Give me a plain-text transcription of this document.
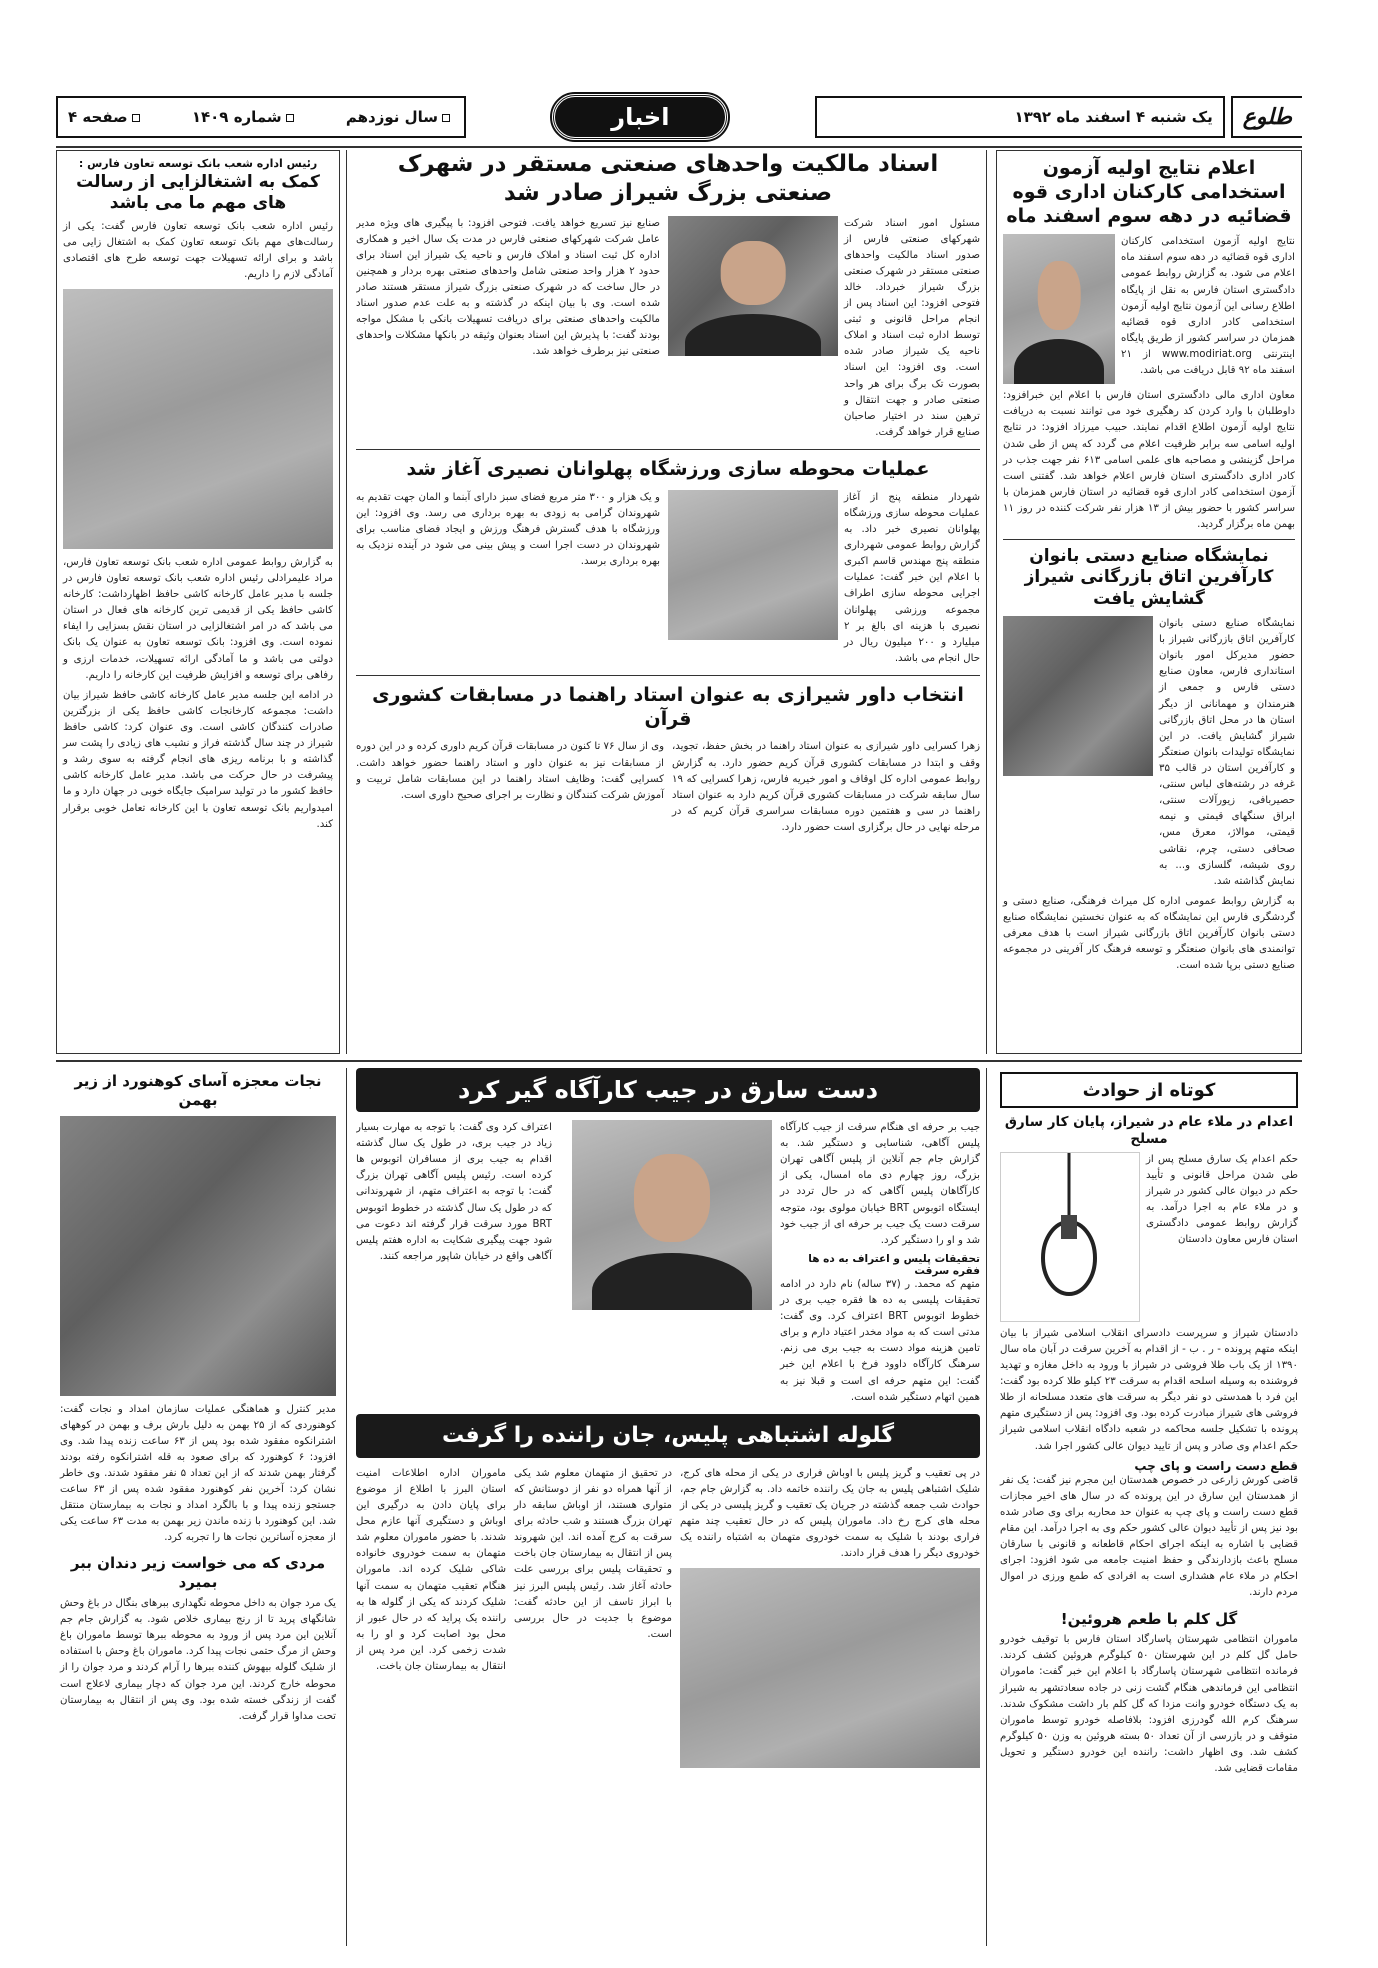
طلوع
یک شنبه ۴ اسفند ماه ۱۳۹۲
اخبار
سال نوزدهم
شماره ۱۴۰۹
صفحه ۴
اعلام نتایج اولیه آزمون استخدامی کارکنان اداری قوه قضائیه در دهه سوم اسفند ماه
نتایج اولیه آزمون استخدامی کارکنان اداری قوه قضائیه در دهه سوم اسفند ماه اعلام می شود. به گزارش روابط عمومی دادگستری استان فارس به نقل از پایگاه اطلاع رسانی این آزمون نتایج اولیه آزمون استخدامی کادر اداری قوه قضائیه همزمان در سراسر کشور از طریق پایگاه اینترنتی www.modiriat.org از ۲۱ اسفند ماه ۹۲ قابل دریافت می باشد.
معاون اداری مالی دادگستری استان فارس با اعلام این خبرافزود: داوطلبان با وارد کردن کد رهگیری خود می توانند نسبت به دریافت نتایج اولیه آزمون اطلاع اقدام نمایند. حبیب میرزاد افزود: در نتایج اولیه اسامی سه برابر ظرفیت اعلام می گردد که پس از طی شدن مراحل گزینشی و مصاحبه های علمی اسامی ۶۱۳ نفر جهت جذب در کادر اداری دادگستری استان فارس اعلام خواهد شد. گفتنی است آزمون استخدامی کادر اداری قوه قضائیه در استان فارس همزمان با سراسر کشور با حضور بیش از ۱۳ هزار نفر شرکت کننده در روز ۱۱ بهمن ماه برگزار گردید.
نمایشگاه صنایع دستی بانوان کارآفرین اتاق بازرگانی شیراز گشایش یافت
نمایشگاه صنایع دستی بانوان کارآفرین اتاق بازرگانی شیراز با حضور مدیرکل امور بانوان استانداری فارس، معاون صنایع دستی فارس و جمعی از هنرمندان و مهمانانی از دیگر استان ها در محل اتاق بازرگانی شیراز گشایش یافت. در این نمایشگاه تولیدات بانوان صنعتگر و کارآفرین استان در قالب ۳۵ غرفه در رشته‌های لباس سنتی، حصیربافی، زیورآلات سنتی، ابراق سنگهای قیمتی و نیمه قیمتی، موالاژ، معرق مس، صحافی دستی، چرم، نقاشی روی شیشه، گلسازی و... به نمایش گذاشته شد.
به گزارش روابط عمومی اداره کل میراث فرهنگی، صنایع دستی و گردشگری فارس این نمایشگاه که به عنوان نخستین نمایشگاه صنایع دستی بانوان کارآفرین اتاق بازرگانی شیراز است با هدف معرفی توانمندی های بانوان صنعتگر و توسعه فرهنگ کار آفرینی در مجموعه صنایع دستی برپا شده است.
اسناد مالکیت واحدهای صنعتی مستقر در شهرک صنعتی بزرگ شیراز صادر شد
مسئول امور اسناد شرکت شهرکهای صنعتی فارس از صدور اسناد مالکیت واحدهای صنعتی مستقر در شهرک صنعتی بزرگ شیراز خبرداد. خالد فتوحی افزود: این اسناد پس از انجام مراحل قانونی و ثبتی توسط اداره ثبت اسناد و املاک ناحیه یک شیراز صادر شده است. وی افزود: این اسناد بصورت تک برگ برای هر واحد صنعتی صادر و جهت انتقال و ترهین سند در اختیار صاحبان صنایع قرار خواهد گرفت.
صنایع نیز تسریع خواهد یافت. فتوحی افزود: با پیگیری های ویژه مدیر عامل شرکت شهرکهای صنعتی فارس در مدت یک سال اخیر و همکاری اداره کل ثبت اسناد و املاک فارس و ناحیه یک شیراز این اسناد برای حدود ۲ هزار واحد صنعتی شامل واحدهای صنعتی بهره بردار و همچنین در حال ساخت که در شهرک صنعتی بزرگ شیراز مستقر هستند صادر شده است. وی با بیان اینکه در گذشته و به علت عدم صدور اسناد مالکیت واحدهای صنعتی برای دریافت تسهیلات بانکی با مشکل مواجه بودند گفت: با پذیرش این اسناد بعنوان وثیقه در بانکها مشکلات واحدهای صنعتی نیز برطرف خواهد شد.
عملیات محوطه سازی ورزشگاه پهلوانان نصیری آغاز شد
شهردار منطقه پنج از آغاز عملیات محوطه سازی ورزشگاه پهلوانان نصیری خبر داد. به گزارش روابط عمومی شهرداری منطقه پنج مهندس قاسم اکبری با اعلام این خبر گفت: عملیات اجرایی محوطه سازی اطراف مجموعه ورزشی پهلوانان نصیری با هزینه ای بالغ بر ۲ میلیارد و ۲۰۰ میلیون ریال در حال انجام می باشد.
و یک هزار و ۳۰۰ متر مربع فضای سبز دارای آبنما و المان جهت تقدیم به شهروندان گرامی به زودی به بهره برداری می رسد. وی افزود: این ورزشگاه با هدف گسترش فرهنگ ورزش و ایجاد فضای مناسب برای شهروندان در دست اجرا است و پیش بینی می شود در آینده نزدیک به بهره برداری برسد.
انتخاب داور شیرازی به عنوان استاد راهنما در مسابقات کشوری قرآن
زهرا کسرایی داور شیرازی به عنوان استاد راهنما در بخش حفظ، تجوید، وقف و ابتدا در مسابقات کشوری قرآن کریم حضور دارد. به گزارش روابط عمومی اداره کل اوقاف و امور خیریه فارس، زهرا کسرایی که ۱۹ سال سابقه شرکت در مسابقات کشوری قرآن کریم دارد به عنوان استاد راهنما در سی و هفتمین دوره مسابقات سراسری قرآن کریم که در مرحله نهایی در حال برگزاری است حضور دارد.
وی از سال ۷۶ تا کنون در مسابقات قرآن کریم داوری کرده و در این دوره از مسابقات نیز به عنوان داور و استاد راهنما حضور خواهد داشت. کسرایی گفت: وظایف استاد راهنما در این مسابقات شامل تربیت و آموزش شرکت کنندگان و نظارت بر اجرای صحیح داوری است.
رئیس اداره شعب بانک توسعه تعاون فارس :
کمک به اشتغالزایی از رسالت های مهم ما می باشد
رئیس اداره شعب بانک توسعه تعاون فارس گفت: یکی از رسالت‌های مهم بانک توسعه تعاون کمک به اشتغال زایی می باشد و برای ارائه تسهیلات جهت توسعه طرح های اقتصادی آمادگی لازم را داریم.
به گزارش روابط عمومی اداره شعب بانک توسعه تعاون فارس، مراد علیمرادلی رئیس اداره شعب بانک توسعه تعاون فارس در جلسه با مدیر عامل کارخانه کاشی حافظ اظهارداشت: کارخانه کاشی حافظ یکی از قدیمی ترین کارخانه های فعال در استان می باشد که در امر اشتغالزایی در استان نقش بسزایی را ایفاء نموده است. وی افزود: بانک توسعه تعاون به عنوان یک بانک دولتی می باشد و ما آمادگی ارائه تسهیلات، خدمات ارزی و رفاهی برای توسعه و افزایش ظرفیت این کارخانه را داریم.
در ادامه این جلسه مدیر عامل کارخانه کاشی حافظ شیراز بیان داشت: مجموعه کارخانجات کاشی حافظ یکی از بزرگترین صادرات کنندگان کاشی است. وی عنوان کرد: کاشی حافظ شیراز در چند سال گذشته فراز و نشیب های زیادی را پشت سر گذاشته و با برنامه ریزی های انجام گرفته به سوی رشد و پیشرفت در حال حرکت می باشد. مدیر عامل کارخانه کاشی حافظ کشور ما در تولید سرامیک جایگاه خوبی در جهان دارد و ما امیدواریم بانک توسعه تعاون با این کارخانه تعامل خوبی برقرار کند.
کوتاه از حوادث
اعدام در ملاء عام در شیراز، پایان کار سارق مسلح
حکم اعدام یک سارق مسلح پس از طی شدن مراحل قانونی و تأیید حکم در دیوان عالی کشور در شیراز و در ملاء عام به اجرا درآمد. به گزارش روابط عمومی دادگستری استان فارس معاون دادستان
دادستان شیراز و سرپرست دادسرای انقلاب اسلامی شیراز با بیان اینکه متهم پرونده - ر . ب - از اقدام به آخرین سرقت در آبان ماه سال ۱۳۹۰ از یک باب طلا فروشی در شیراز با ورود به داخل مغازه و تهدید فروشنده به وسیله اسلحه اقدام به سرقت ۲۳ کیلو طلا کرده بود گفت: این فرد با همدستی دو نفر دیگر به سرقت های متعدد مسلحانه از طلا فروشی های شیراز مبادرت کرده بود. وی افزود: پس از دستگیری متهم پرونده با تشکیل جلسه محاکمه در شعبه دادگاه انقلاب اسلامی شیراز حکم اعدام وی صادر و پس از تایید دیوان عالی کشور اجرا شد.
قطع دست راست و پای چپ
قاضی کورش زارعی در خصوص همدستان این مجرم نیز گفت: یک نفر از همدستان این سارق در این پرونده که در سال های اخیر مجازات قطع دست راست و پای چپ به عنوان حد محاربه برای وی صادر شده بود نیز پس از تأیید دیوان عالی کشور حکم وی به اجرا درآمد. این مقام قضایی با اشاره به اینکه اجرای احکام قاطعانه و قانونی با سارقان مسلح باعث بازدارندگی و حفظ امنیت جامعه می شود افزود: اجرای احکام در ملاء عام هشداری است به افرادی که طمع ورزی در اموال مردم دارند.
گل کلم با طعم هروئین!
ماموران انتظامی شهرستان پاسارگاد استان فارس با توقیف خودرو حامل گل کلم در این شهرستان ۵۰ کیلوگرم هروئین کشف کردند. فرمانده انتظامی شهرستان پاسارگاد با اعلام این خبر گفت: ماموران انتظامی این فرماندهی هنگام گشت زنی در جاده سعادتشهر به شیراز به یک دستگاه خودرو وانت مزدا که گل کلم بار داشت مشکوک شدند. سرهنگ کرم الله گودرزی افزود: بلافاصله خودرو توسط ماموران متوقف و در بازرسی از آن تعداد ۵۰ بسته هروئین به وزن ۵۰ کیلوگرم کشف شد. وی اظهار داشت: راننده این خودرو دستگیر و تحویل مقامات قضایی شد.
دست سارق در جیب کارآگاه گیر کرد
جیب بر حرفه ای هنگام سرقت از جیب کارآگاه پلیس آگاهی، شناسایی و دستگیر شد. به گزارش جام جم آنلاین از پلیس آگاهی تهران بزرگ، روز چهارم دی ماه امسال، یکی از کارآگاهان پلیس آگاهی که در حال تردد در ایستگاه اتوبوس BRT خیابان مولوی بود، متوجه سرقت دست یک جیب بر حرفه ای از جیب خود شد و او را دستگیر کرد.
تحقیقات پلیس و اعتراف به ده ها فقره سرقت
متهم که محمد. ر (۳۷ ساله) نام دارد در ادامه تحقیقات پلیسی به ده ها فقره جیب بری در خطوط اتوبوس BRT اعتراف کرد. وی گفت: مدتی است که به مواد مخدر اعتیاد دارم و برای تامین هزینه مواد دست به جیب بری می زنم. سرهنگ کارآگاه داوود فرخ با اعلام این خبر گفت: این متهم حرفه ای است و قبلا نیز به همین اتهام دستگیر شده است.
اعتراف کرد وی گفت: با توجه به مهارت بسیار زیاد در جیب بری، در طول یک سال گذشته اقدام به جیب بری از مسافران اتوبوس ها کرده است. رئیس پلیس آگاهی تهران بزرگ گفت: با توجه به اعتراف متهم، از شهروندانی که در طول یک سال گذشته در خطوط اتوبوس BRT مورد سرقت قرار گرفته اند دعوت می شود جهت پیگیری شکایت به اداره هفتم پلیس آگاهی واقع در خیابان شاپور مراجعه کنند.
گلوله اشتباهی پلیس، جان راننده را گرفت
در پی تعقیب و گریز پلیس با اوباش فراری در یکی از محله های کرج، شلیک اشتباهی پلیس به جان یک راننده خاتمه داد. به گزارش جام جم، حوادث شب جمعه گذشته در جریان یک تعقیب و گریز پلیسی در یکی از محله های کرج رخ داد. ماموران پلیس که در حال تعقیب چند متهم فراری بودند با شلیک به سمت خودروی متهمان به اشتباه راننده یک خودروی دیگر را هدف قرار دادند.
در تحقیق از متهمان معلوم شد یکی از آنها همراه دو نفر از دوستانش که متواری هستند، از اوباش سابقه دار تهران بزرگ هستند و شب حادثه برای سرقت به کرج آمده اند. این شهروند پس از انتقال به بیمارستان جان باخت و تحقیقات پلیس برای بررسی علت حادثه آغاز شد. رئیس پلیس البرز نیز با ابراز تاسف از این حادثه گفت: موضوع با جدیت در حال بررسی است.
ماموران اداره اطلاعات امنیت استان البرز با اطلاع از موضوع برای پایان دادن به درگیری این اوباش و دستگیری آنها عازم محل شدند. با حضور ماموران معلوم شد متهمان به سمت خودروی خانواده شاکی شلیک کرده اند. ماموران هنگام تعقیب متهمان به سمت آنها شلیک کردند که یکی از گلوله ها به راننده یک پراید که در حال عبور از محل بود اصابت کرد و او را به شدت زخمی کرد. این مرد پس از انتقال به بیمارستان جان باخت.
نجات معجزه آسای کوهنورد از زیر بهمن
مدیر کنترل و هماهنگی عملیات سازمان امداد و نجات گفت: کوهنوردی که از ۲۵ بهمن به دلیل بارش برف و بهمن در کوههای اشترانکوه مفقود شده بود پس از ۶۳ ساعت زنده پیدا شد. وی افزود: ۶ کوهنورد که برای صعود به قله اشترانکوه رفته بودند گرفتار بهمن شدند که از این تعداد ۵ نفر مفقود شدند. وی خاطر نشان کرد: آخرین نفر کوهنورد مفقود شده پس از ۶۳ ساعت جستجو زنده پیدا و با بالگرد امداد و نجات به بیمارستان منتقل شد. این کوهنورد با زنده ماندن زیر بهمن به مدت ۶۳ ساعت یکی از معجزه آساترین نجات ها را تجربه کرد.
مردی که می خواست زیر دندان ببر بمیرد
یک مرد جوان به داخل محوطه نگهداری ببرهای بنگال در باغ وحش شانگهای پرید تا از رنج بیماری خلاص شود. به گزارش جام جم آنلاین این مرد پس از ورود به محوطه ببرها توسط ماموران باغ وحش از مرگ حتمی نجات پیدا کرد. ماموران باغ وحش با استفاده از شلیک گلوله بیهوش کننده ببرها را آرام کردند و مرد جوان را از محوطه خارج کردند. این مرد جوان که دچار بیماری لاعلاج است گفت از زندگی خسته شده بود. وی پس از انتقال به بیمارستان تحت مداوا قرار گرفت.
